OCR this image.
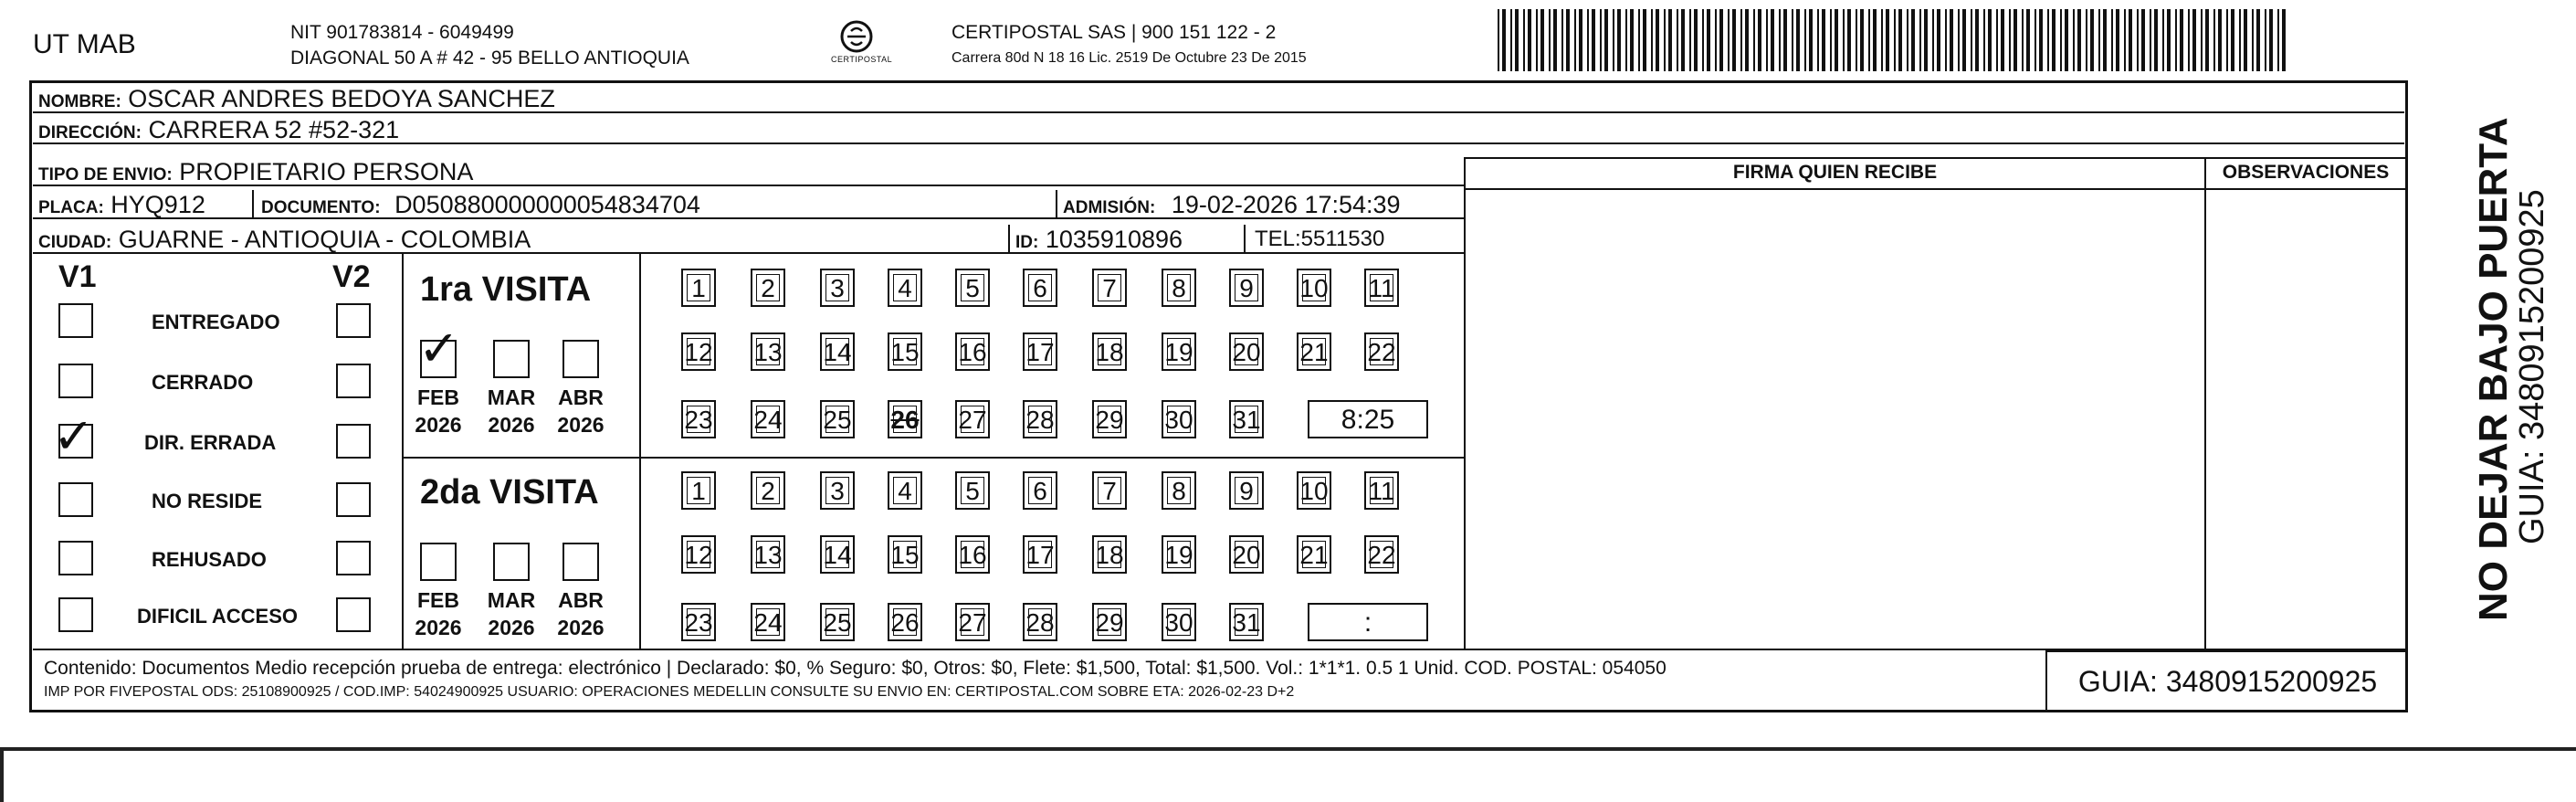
UT MAB	NIT 901783814 - 6049499
DIAGONAL 50 A # 42 - 95 BELLO ANTIOQUIA	CERTIPOSTAL
CERTIPOSTAL SAS | 900 151 122 - 2
Carrera 80d N 18 16 Lic. 2519 De Octubre 23 De 2015
NOMBRE: OSCAR ANDRES BEDOYA SANCHEZ
DIRECCIÓN: CARRERA 52 #52-321
TIPO DE ENVIO: PROPIETARIO PERSONA
PLACA: HYQ912	DOCUMENTO: D050880000000054834704	ADMISIÓN: 19-02-2026 17:54:39
CIUDAD: GUARNE - ANTIOQUIA - COLOMBIA	ID: 1035910896	TEL:5511530
FIRMA QUIEN RECIBE	OBSERVACIONES
V1	V2
ENTREGADO
CERRADO
✓ DIR. ERRADA
NO RESIDE
REHUSADO
DIFICIL ACCESO
1ra VISITA
✓
FEB
2026
MAR
2026
ABR
2026
1	2	3	4	5	6	7	8	9	10 11
12 13 14 15 16 17 18 19 20 21 22
23 24 25 26 27 28 29 30 31	8:25
2da VISITA
FEB
2026
MAR
2026
ABR
2026
1	2	3	4	5	6	7	8	9	10 11
12 13 14 15 16 17 18 19 20 21 22
23 24 25 26 27 28 29 30 31	:
Contenido: Documentos Medio recepción prueba de entrega: electrónico | Declarado: $0, % Seguro: $0, Otros: $0, Flete: $1,500, Total: $1,500. Vol.: 1*1*1. 0.5 1 Unid. COD. POSTAL: 054050
IMP POR FIVEPOSTAL ODS: 25108900925 / COD.IMP: 54024900925 USUARIO: OPERACIONES MEDELLIN CONSULTE SU ENVIO EN: CERTIPOSTAL.COM SOBRE ETA: 2026-02-23 D+2	GUIA: 3480915200925
NO DEJAR BAJO PUERTA
GUIA: 3480915200925
